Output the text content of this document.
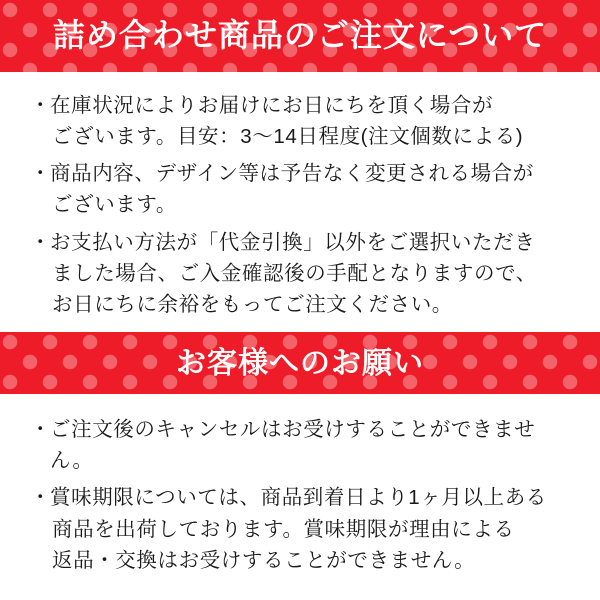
詰め合わせ商品のご注文について
・ 在庫状況によりお届けにお日にちを頂く場合が
ございます。目安：3〜14日程度(注文個数による)
・ 商品内容、デザイン等は予告なく変更される場合が
ございます。
・ お支払い方法が「代金引換」以外をご選択いただき
ました場合、ご入金確認後の手配となりますので、
お日にちに余裕をもってご注文ください。
お客様へのお願い
・ ご注文後のキャンセルはお受けすることができません。
・ 賞味期限については、商品到着日より1ヶ月以上ある
商品を出荷しております。賞味期限が理由による
返品・交換はお受けすることができません。
